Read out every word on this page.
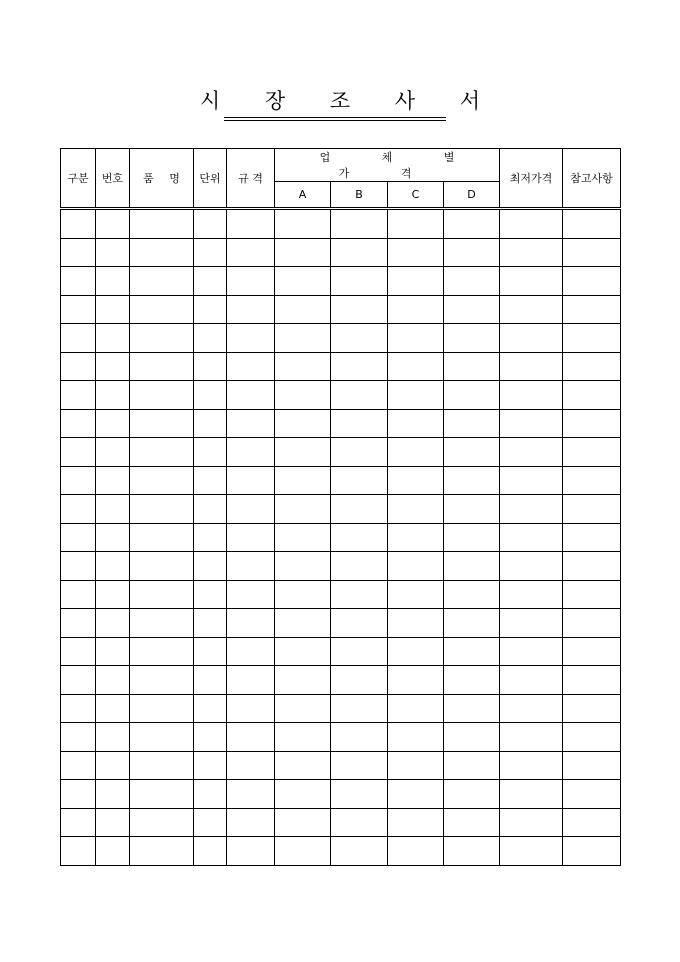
시 장 조 사 서
구분	번호	품 명	단위	규 격	업 체 별 가 격				최저가격	참고사항
					A	B	C	D		
